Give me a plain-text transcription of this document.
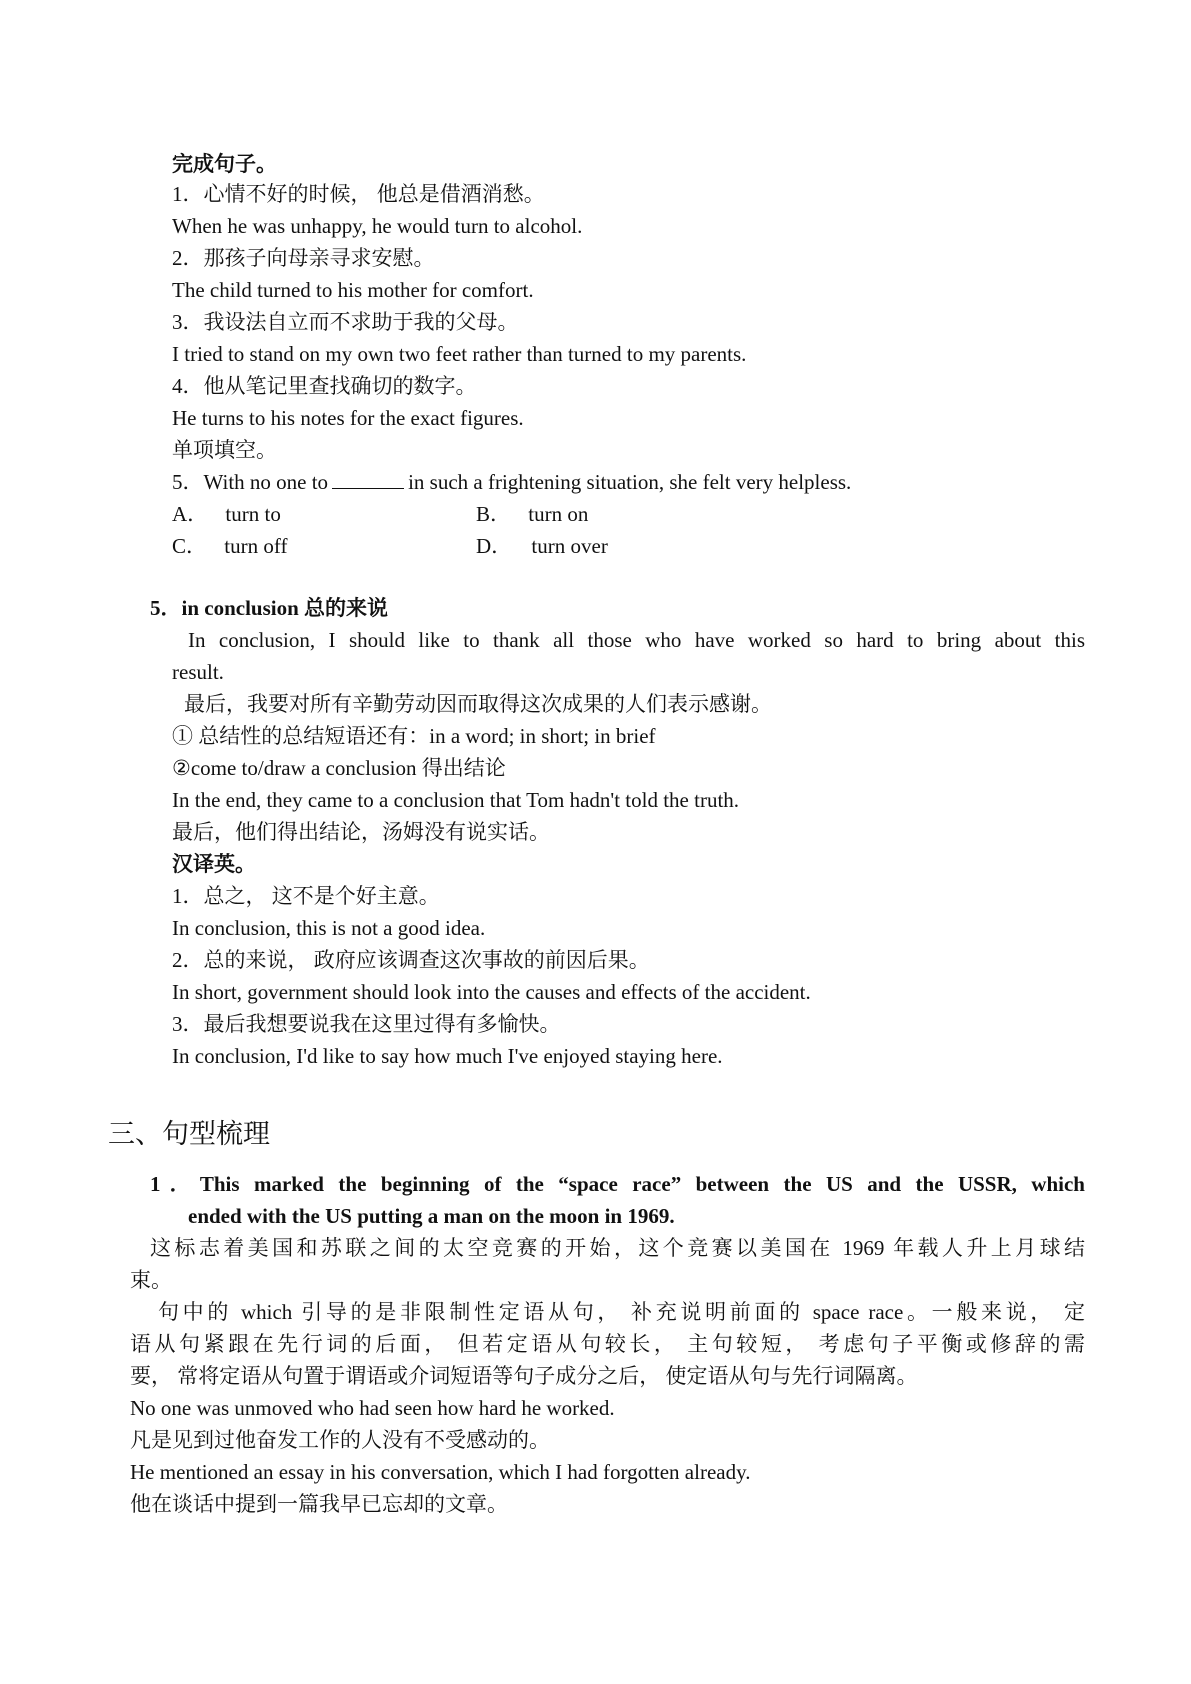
完成句子。
1．心情不好的时候， 他总是借酒消愁。
When he was unhappy, he would turn to alcohol.
2．那孩子向母亲寻求安慰。
The child turned to his mother for comfort.
3．我设法自立而不求助于我的父母。
I tried to stand on my own two feet rather than turned to my parents.
4．他从笔记里查找确切的数字。
He turns to his notes for the exact figures.
单项填空。
5．With no one to	in such a frightening situation, she felt very helpless.
A． turn to	B． turn on
C． turn off	D． turn over
5．in conclusion 总的来说
In conclusion, I should like to thank all those who have worked so hard to bring about this
result.
最后，我要对所有辛勤劳动因而取得这次成果的人们表示感谢。
① 总结性的总结短语还有：in a word; in short; in brief
②come to/draw a conclusion 得出结论
In the end, they came to a conclusion that Tom hadn't told the truth.
最后，他们得出结论，汤姆没有说实话。
汉译英。
1．总之， 这不是个好主意。
In conclusion, this is not a good idea.
2．总的来说， 政府应该调查这次事故的前因后果。
In short, government should look into the causes and effects of the accident.
3．最后我想要说我在这里过得有多愉快。
In conclusion, I'd like to say how much I've enjoyed staying here.
三、句型梳理
1．This marked the beginning of the “space race” between the US and the USSR, which
ended with the US putting a man on the moon in 1969.
这标志着美国和苏联之间的太空竞赛的开始，这个竞赛以美国在 1969 年载人升上月球结
束。
句中的 which 引导的是非限制性定语从句， 补充说明前面的 space race。一般来说， 定
语从句紧跟在先行词的后面， 但若定语从句较长， 主句较短， 考虑句子平衡或修辞的需
要， 常将定语从句置于谓语或介词短语等句子成分之后， 使定语从句与先行词隔离。
No one was unmoved who had seen how hard he worked.
凡是见到过他奋发工作的人没有不受感动的。
He mentioned an essay in his conversation, which I had forgotten already.
他在谈话中提到一篇我早已忘却的文章。
